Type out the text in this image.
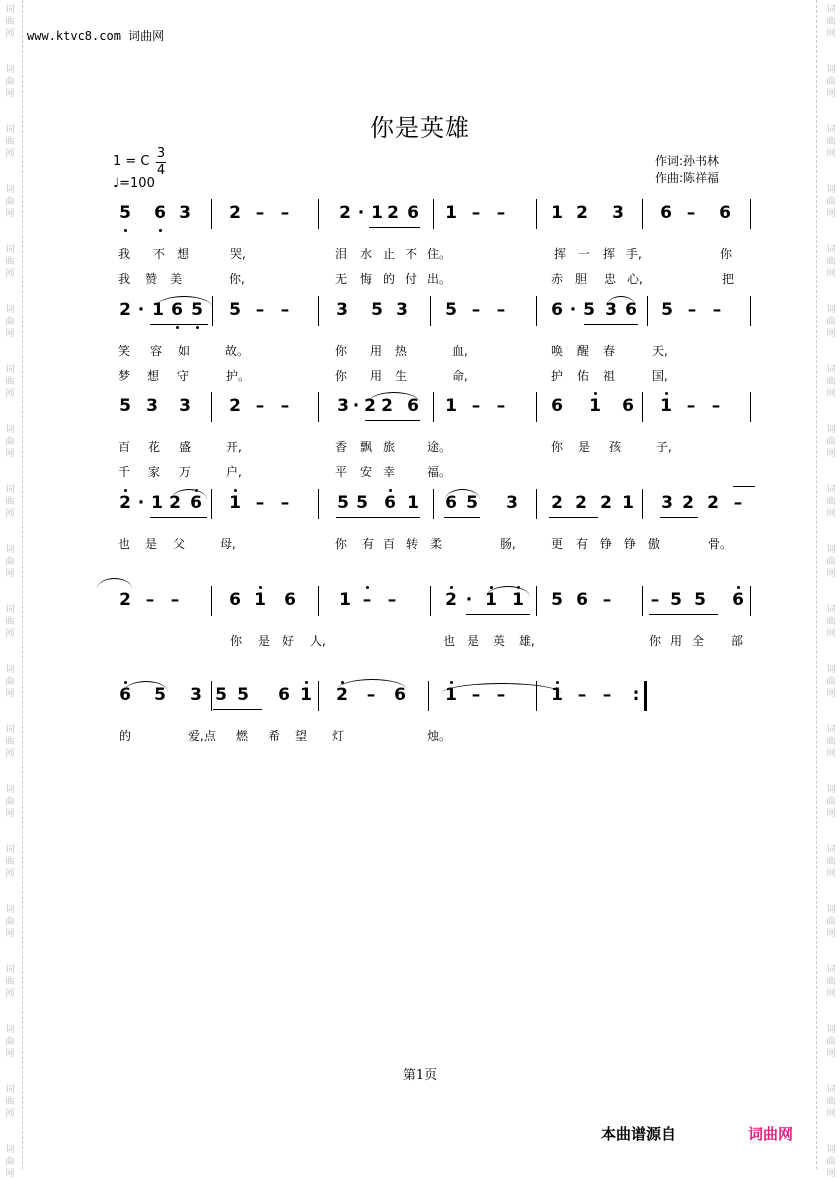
词
曲
网
词
曲
网
词
曲
网
词
曲
网
词
曲
网
词
曲
网
词
曲
网
词
曲
网
词
曲
网
词
曲
网
词
曲
网
词
曲
网
词
曲
网
词
曲
网
词
曲
网
词
曲
网
词
曲
网
词
曲
网
词
曲
网
词
曲
网
词
曲
网
词
曲
网
词
曲
网
词
曲
网
词
曲
网
词
曲
网
词
曲
网
词
曲
网
词
曲
网
词
曲
网
词
曲
网
词
曲
网
词
曲
网
词
曲
网
词
曲
网
词
曲
网
词
曲
网
词
曲
网
词
曲
网
词
曲
网
www.ktvc8.com 词曲网
你是英雄
1 = C
3
4
♩=100
作词:孙书林
作曲:陈祥福
5 6 3 2 – –	2 · 1 2 6 1 – –	1 2 3 6 –	6
我 不 想	哭,	泪 水 止 不 住。	挥 一 挥 手,	你
我 赞 美	你,	无 悔 的 付 出。	赤 胆 忠 心,	把
2 · 1 6 5 5 – –	3 5 3 5 – –	6 · 5 3 6 5 – –
笑 容 如	故。	你 用 热	血,	唤 醒 春	天,
梦 想 守	护。	你 用 生	命,	护 佑 祖	国,
5 3 3 2 – –	3 · 2 2 6 1 – –	6 1 6 1 – –
百 花 盛	开,	香 飘 旅	途。	你 是 孩	子,
千 家 万	户,	平 安 幸	福。
2 · 1 2 6 1 – –	5 5 6 1 6 5 3 2 2 2 1 3 2 2 –
也 是 父	母,	你 有 百 转 柔	肠,	更 有 铮 铮 傲	骨。
2 – –	6 1 6	1 – –	2 · 1 1 5 6 –	– 5 5 6
你 是 好 人,	也 是 英 雄,	你 用 全 部
6 5 3 5 5 6 1 2	–	6 1 – –	1 – –	:
的	爱,点 燃 希 望 灯	烛。
第1页
本曲谱源自	词曲网
